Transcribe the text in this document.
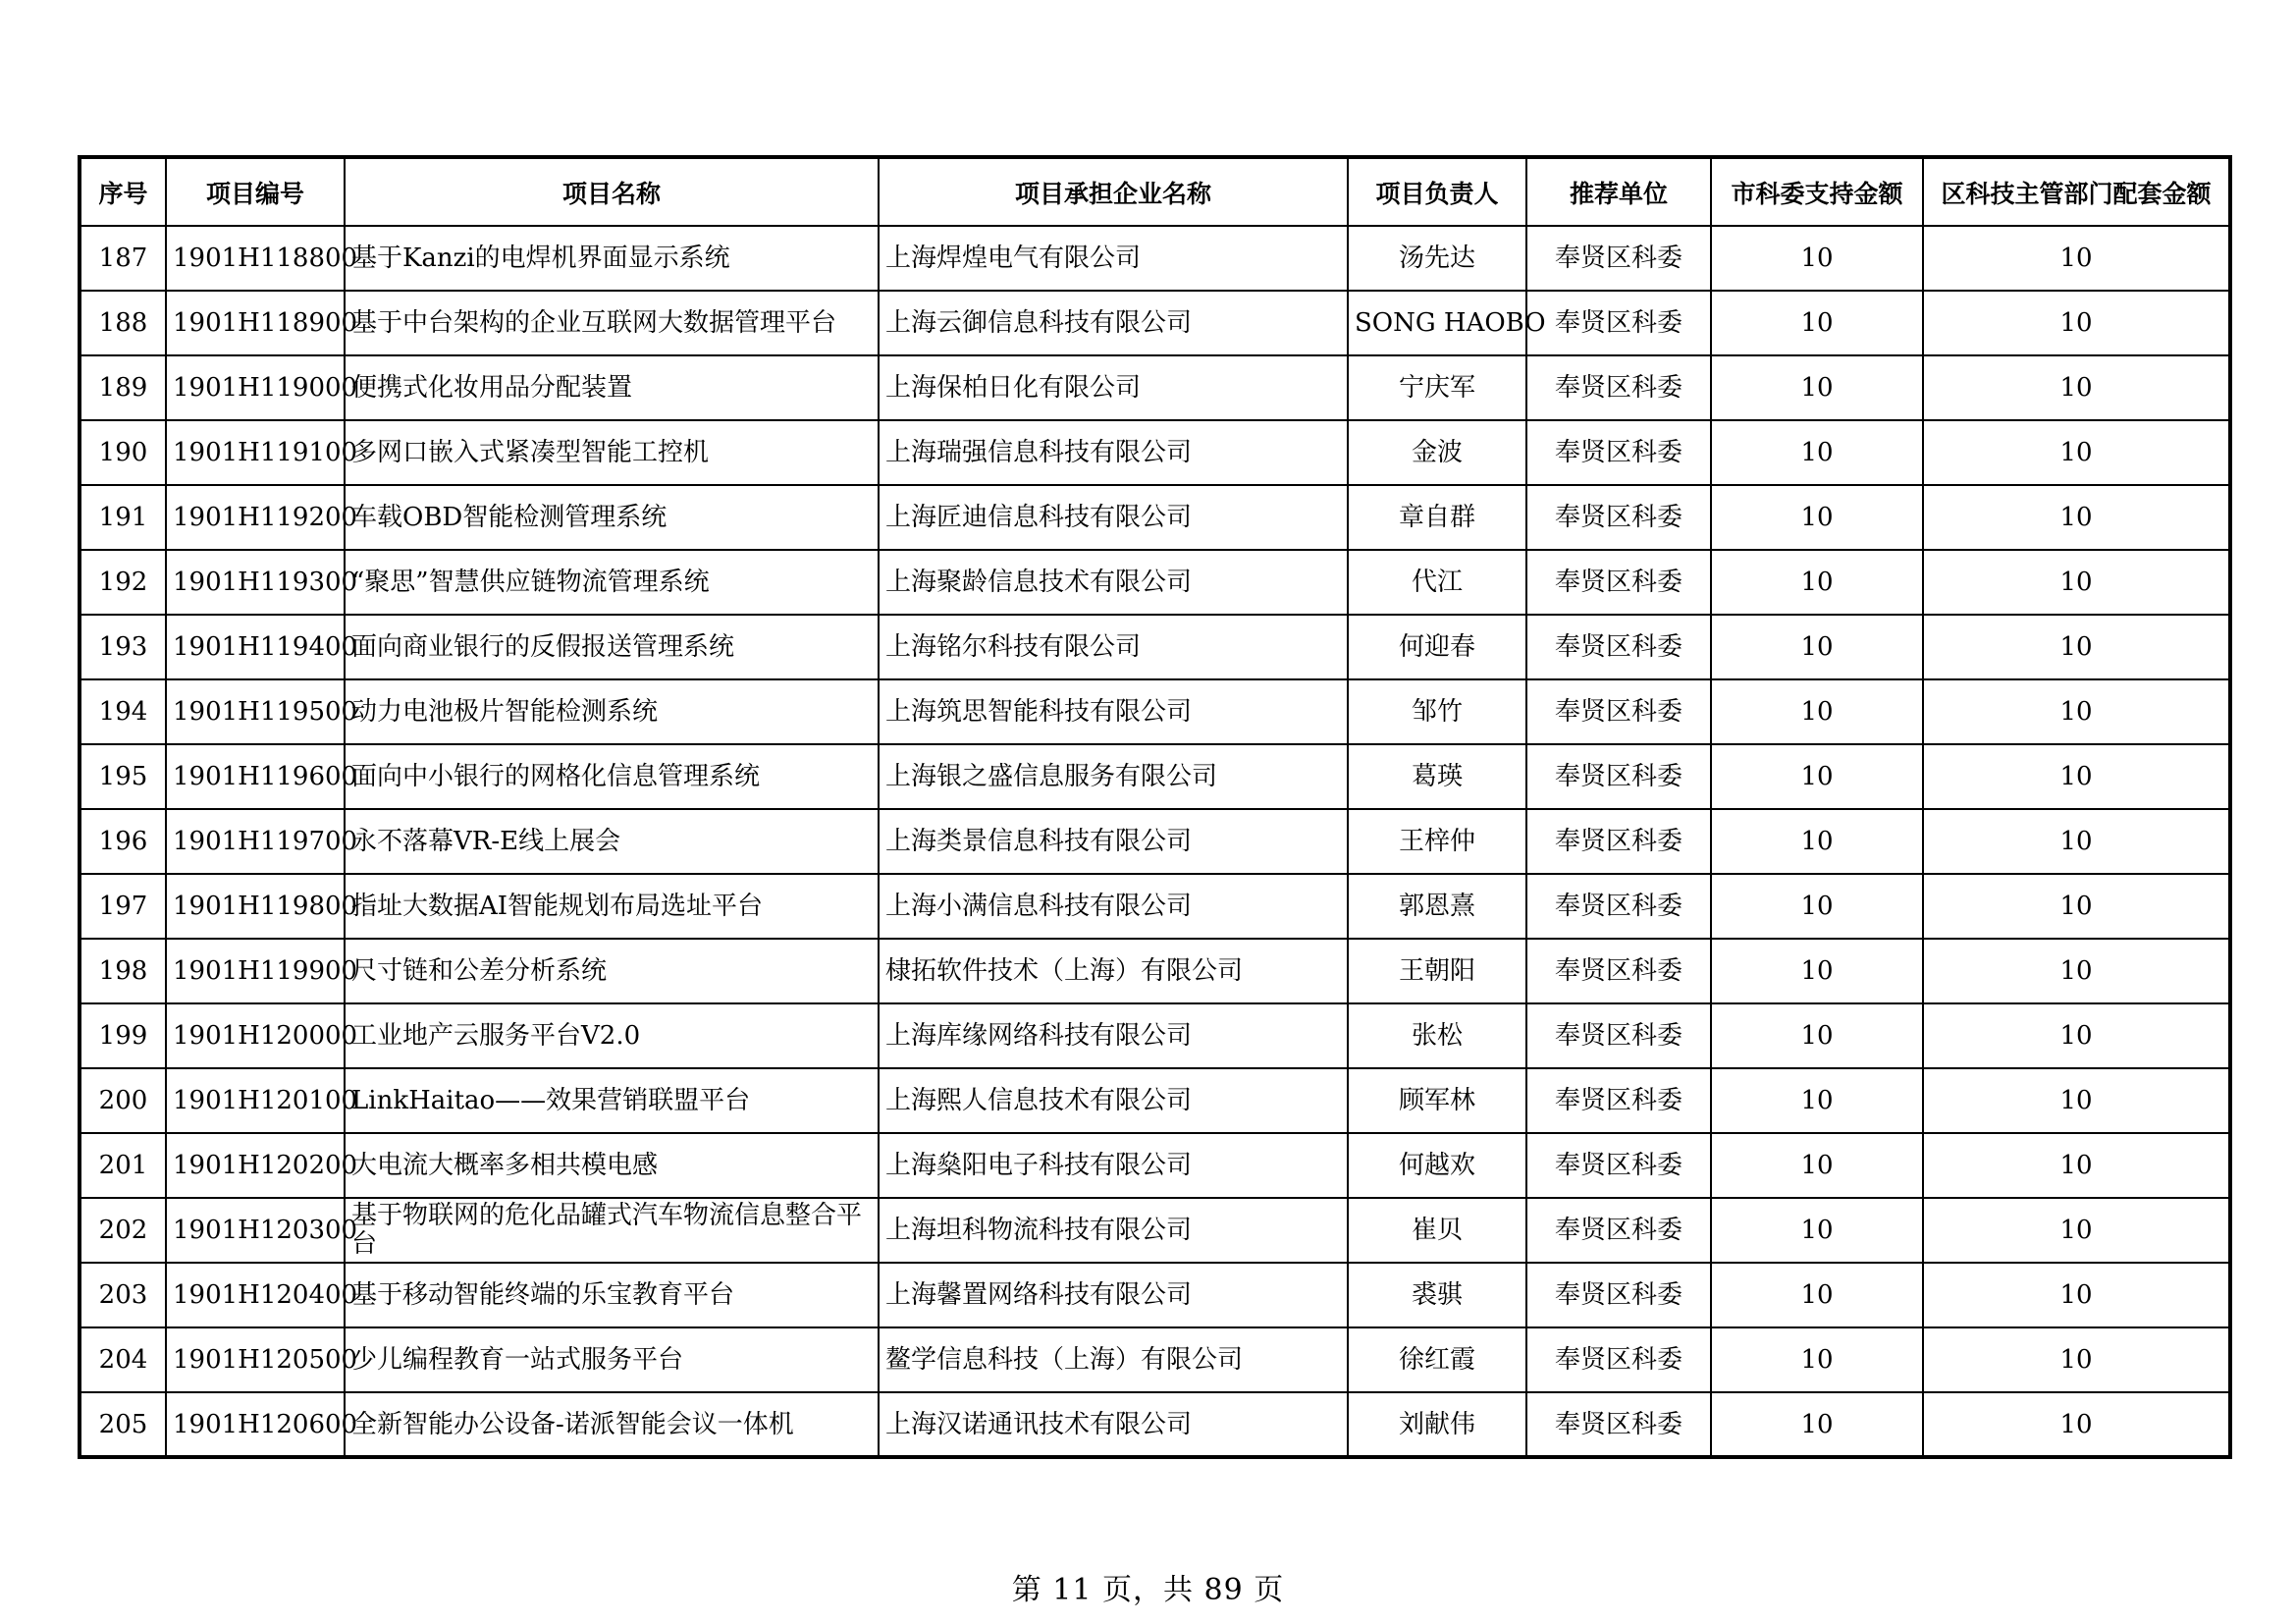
序号	项目编号	项目名称	项目承担企业名称	项目负责人	推荐单位	市科委支持金额	区科技主管部门配套金额
187	1901H118800	基于Kanzi的电焊机界面显示系统	上海焊煌电气有限公司	汤先达	奉贤区科委	10	10
188	1901H118900	基于中台架构的企业互联网大数据管理平台	上海云御信息科技有限公司	SONG HAOBO	奉贤区科委	10	10
189	1901H119000	便携式化妆用品分配装置	上海保柏日化有限公司	宁庆军	奉贤区科委	10	10
190	1901H119100	多网口嵌入式紧凑型智能工控机	上海瑞强信息科技有限公司	金波	奉贤区科委	10	10
191	1901H119200	车载OBD智能检测管理系统	上海匠迪信息科技有限公司	章自群	奉贤区科委	10	10
192	1901H119300	“聚思”智慧供应链物流管理系统	上海聚龄信息技术有限公司	代江	奉贤区科委	10	10
193	1901H119400	面向商业银行的反假报送管理系统	上海铭尔科技有限公司	何迎春	奉贤区科委	10	10
194	1901H119500	动力电池极片智能检测系统	上海筑思智能科技有限公司	邹竹	奉贤区科委	10	10
195	1901H119600	面向中小银行的网格化信息管理系统	上海银之盛信息服务有限公司	葛瑛	奉贤区科委	10	10
196	1901H119700	永不落幕VR-E线上展会	上海类景信息科技有限公司	王梓仲	奉贤区科委	10	10
197	1901H119800	指址大数据AI智能规划布局选址平台	上海小满信息科技有限公司	郭恩熹	奉贤区科委	10	10
198	1901H119900	尺寸链和公差分析系统	棣拓软件技术（上海）有限公司	王朝阳	奉贤区科委	10	10
199	1901H120000	工业地产云服务平台V2.0	上海库缘网络科技有限公司	张松	奉贤区科委	10	10
200	1901H120100	LinkHaitao——效果营销联盟平台	上海熙人信息技术有限公司	顾军林	奉贤区科委	10	10
201	1901H120200	大电流大概率多相共模电感	上海燊阳电子科技有限公司	何越欢	奉贤区科委	10	10
202	1901H120300	基于物联网的危化品罐式汽车物流信息整合平台	上海坦科物流科技有限公司	崔贝	奉贤区科委	10	10
203	1901H120400	基于移动智能终端的乐宝教育平台	上海馨置网络科技有限公司	裘骐	奉贤区科委	10	10
204	1901H120500	少儿编程教育一站式服务平台	鳌学信息科技（上海）有限公司	徐红霞	奉贤区科委	10	10
205	1901H120600	全新智能办公设备-诺派智能会议一体机	上海汉诺通讯技术有限公司	刘献伟	奉贤区科委	10	10
第 11 页，共 89 页
